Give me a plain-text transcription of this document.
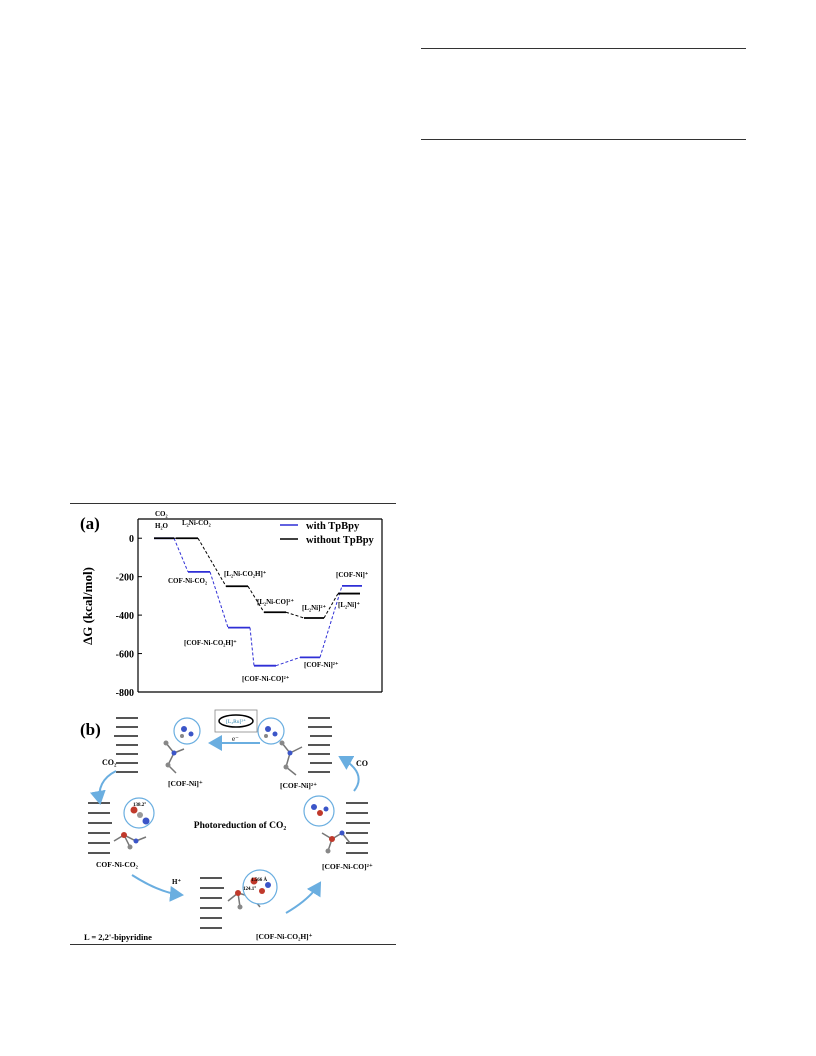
(a)
ΔG (kcal/mol)
0
-200
-400
-600
-800
with TpBpy
without TpBpy
CO₂
H₂O L₂Ni-CO₂
COF-Ni-CO₂
[L₂Ni-CO₂H]⁺
[L₂Ni-CO]²⁺
[COF-Ni-CO₂H]⁺
[L₂Ni]²⁺
[COF-Ni]⁺
[L₂Ni]⁺
[COF-Ni]²⁺
[COF-Ni-CO]²⁺
(b)	[L₃Ru]²⁺
e⁻
CO₂	CO
H⁺
138.2°
1.566 Å
124.1°
[COF-Ni]⁺	[COF-Ni]²⁺
COF-Ni-CO₂
[COF-Ni-CO₂H]⁺
[COF-Ni-CO]²⁺
Photoreduction of CO₂
L = 2,2'-bipyridine
